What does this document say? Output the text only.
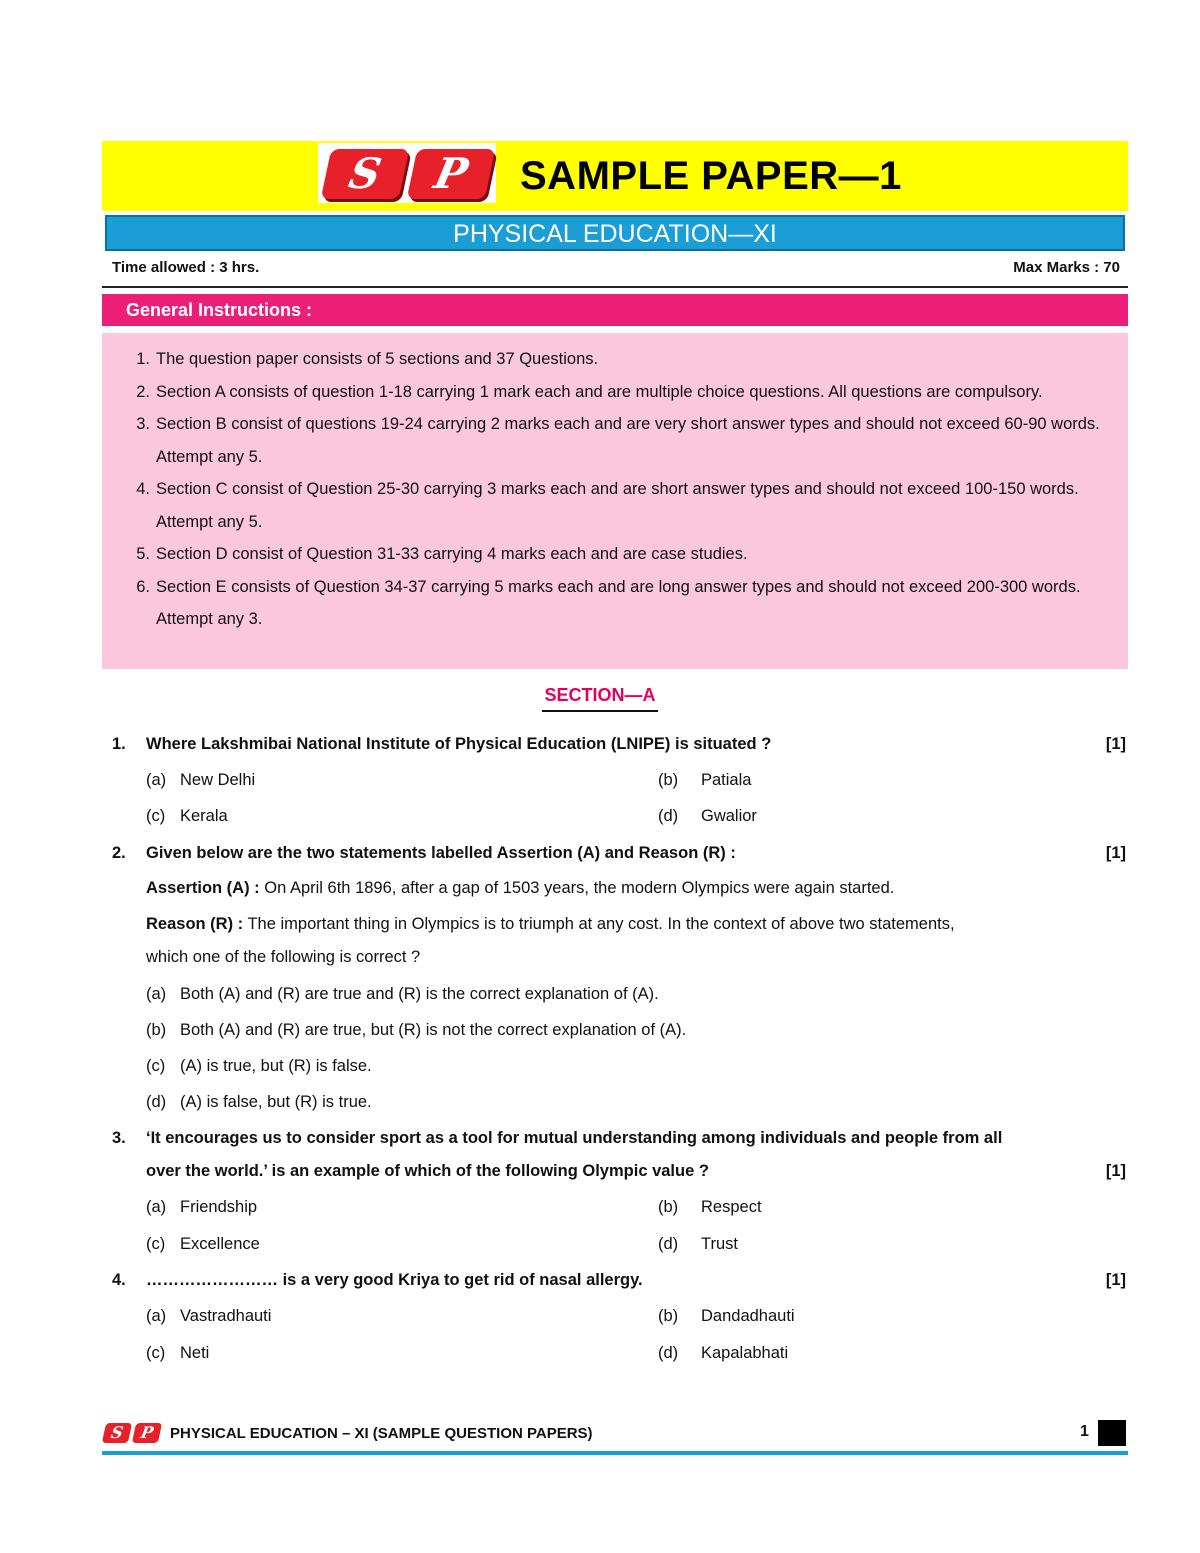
S	P	SAMPLE PAPER—1
PHYSICAL EDUCATION—XI
Time allowed : 3 hrs.	Max Marks : 70
General Instructions :
1. The question paper consists of 5 sections and 37 Questions.
2. Section A consists of question 1-18 carrying 1 mark each and are multiple choice questions. All questions are compulsory.
3. Section B consist of questions 19-24 carrying 2 marks each and are very short answer types and should not exceed 60-90 words. Attempt any 5.
4. Section C consist of Question 25-30 carrying 3 marks each and are short answer types and should not exceed 100-150 words. Attempt any 5.
5. Section D consist of Question 31-33 carrying 4 marks each and are case studies.
6. Section E consists of Question 34-37 carrying 5 marks each and are long answer types and should not exceed 200-300 words. Attempt any 3.
SECTION—A
1.	Where Lakshmibai National Institute of Physical Education (LNIPE) is situated ?	[1]
(a) New Delhi	(b)	Patiala
(c) Kerala	(d)	Gwalior
2.	Given below are the two statements labelled Assertion (A) and Reason (R) :	[1]
Assertion (A) : On April 6th 1896, after a gap of 1503 years, the modern Olympics were again started.
Reason (R) : The important thing in Olympics is to triumph at any cost. In the context of above two statements,
which one of the following is correct ?
(a) Both (A) and (R) are true and (R) is the correct explanation of (A).
(b) Both (A) and (R) are true, but (R) is not the correct explanation of (A).
(c) (A) is true, but (R) is false.
(d) (A) is false, but (R) is true.
3.	‘It encourages us to consider sport as a tool for mutual understanding among individuals and people from all
over the world.’ is an example of which of the following Olympic value ?	[1]
(a) Friendship	(b)	Respect
(c) Excellence	(d)	Trust
4.	…………………… is a very good Kriya to get rid of nasal allergy.	[1]
(a) Vastradhauti	(b)	Dandadhauti
(c) Neti	(d)	Kapalabhati
S P PHYSICAL EDUCATION – XI (SAMPLE QUESTION PAPERS)	1
